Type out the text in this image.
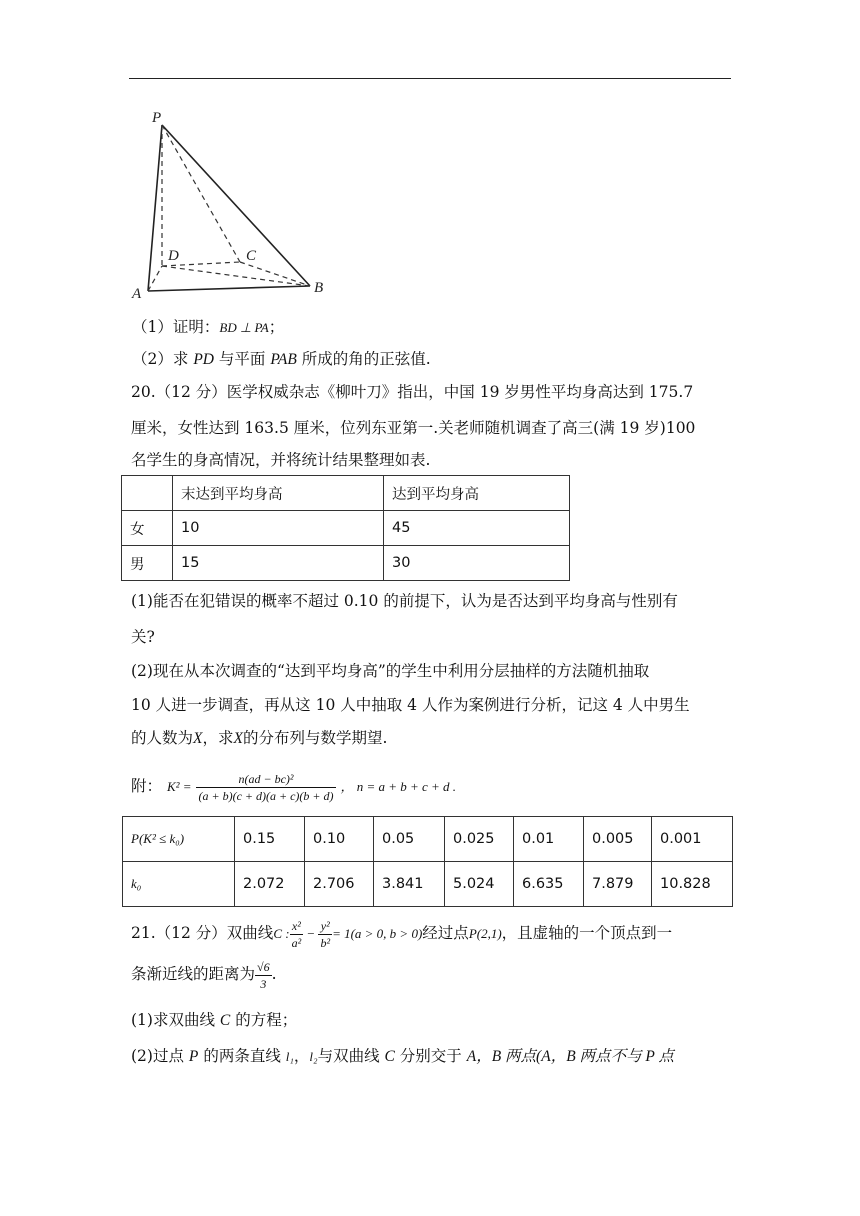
P
D	C
A	B
（1）证明：BD ⊥ PA；
（2）求 PD 与平面 PAB 所成的角的正弦值.
20.（12 分）医学权威杂志《柳叶刀》指出，中国 19 岁男性平均身高达到 175.7
厘米，女性达到 163.5 厘米，位列东亚第一.关老师随机调查了高三(满 19 岁)100
名学生的身高情况，并将统计结果整理如表.
	末达到平均身高	达到平均身高
女	10	45
男	15	30
(1)能否在犯错误的概率不超过 0.10 的前提下，认为是否达到平均身高与性别有
关?
(2)现在从本次调查的“达到平均身高”的学生中利用分层抽样的方法随机抽取
10 人进一步调查，再从这 10 人中抽取 4 人作为案例进行分析，记这 4 人中男生
的人数为X，求X的分布列与数学期望.
附： $K^2 = \frac{\text{n(ad − bc)²}}{(a + b)(c + d)(a + c)(b + d)}$ ， n = a + b + c + d .
P(K² ≤ k₀)	0.15	0.10	0.05	0.025	0.01	0.005	0.001
k₀	2.072	2.706	3.841	5.024	6.635	7.879	10.828
21.（12 分）双曲线C : $\frac{\text{x²}}{\text{a²}} - \frac{\text{y²}}{\text{b²}} = 1(a > 0$, b > 0)经过点P(2,1)，且虚轴的一个顶点到一
条渐近线的距离为 $\frac{√6}{3}$ .
(1)求双曲线 C 的方程；
(2)过点 P 的两条直线 l₁，l₂与双曲线 C 分别交于 A，B 两点(A，B 两点不与 P 点
